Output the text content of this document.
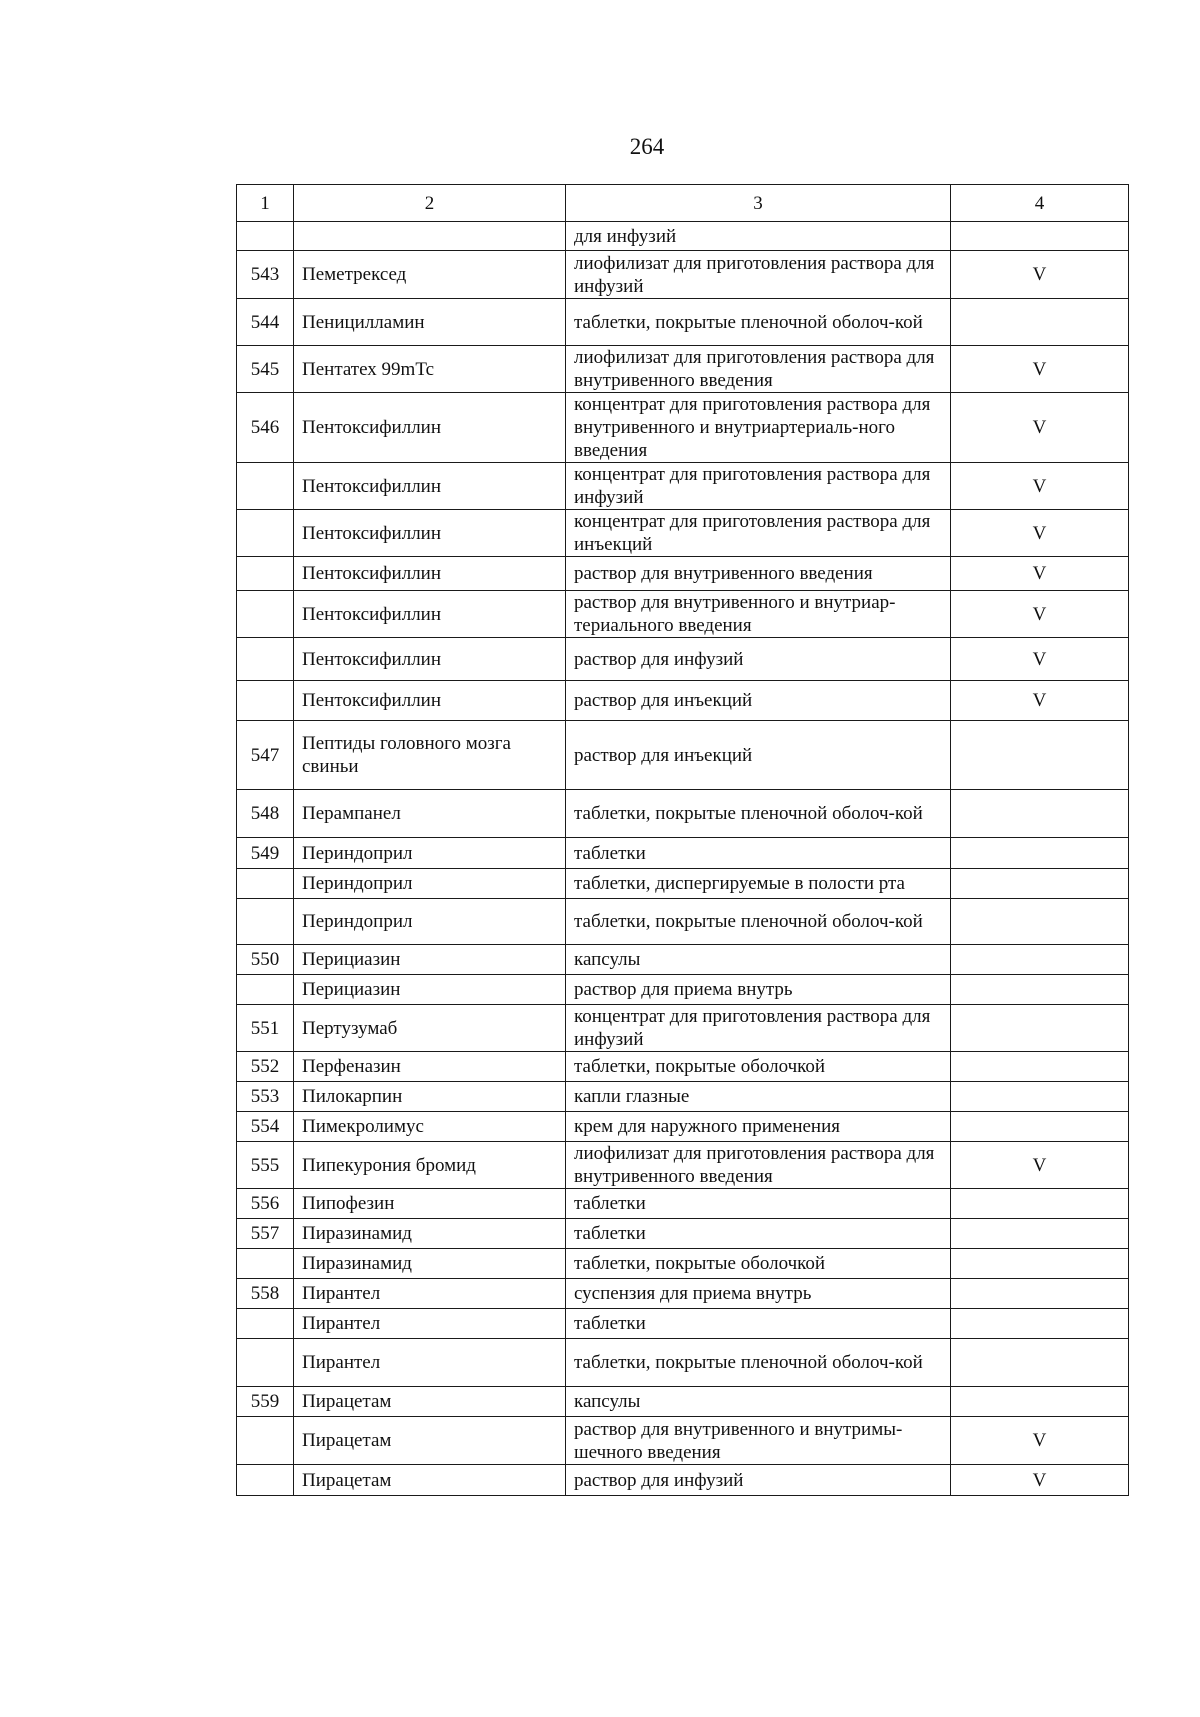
264
1	2	3	4
		для инфузий	
543	Пеметрексед	лиофилизат для приготовления раствора для инфузий	V
544	Пеницилламин	таблетки, покрытые пленочной оболоч-кой	
545	Пентатех 99mTc	лиофилизат для приготовления раствора для внутривенного введения	V
546	Пентоксифиллин	концентрат для приготовления раствора для внутривенного и внутриартериаль-ного введения	V
	Пентоксифиллин	концентрат для приготовления раствора для инфузий	V
	Пентоксифиллин	концентрат для приготовления раствора для инъекций	V
	Пентоксифиллин	раствор для внутривенного введения	V
	Пентоксифиллин	раствор для внутривенного и внутриар-териального введения	V
	Пентоксифиллин	раствор для инфузий	V
	Пентоксифиллин	раствор для инъекций	V
547	Пептиды головного мозга свиньи	раствор для инъекций	
548	Перампанел	таблетки, покрытые пленочной оболоч-кой	
549	Периндоприл	таблетки	
	Периндоприл	таблетки, диспергируемые в полости рта	
	Периндоприл	таблетки, покрытые пленочной оболоч-кой	
550	Перициазин	капсулы	
	Перициазин	раствор для приема внутрь	
551	Пертузумаб	концентрат для приготовления раствора для инфузий	
552	Перфеназин	таблетки, покрытые оболочкой	
553	Пилокарпин	капли глазные	
554	Пимекролимус	крем для наружного применения	
555	Пипекурония бромид	лиофилизат для приготовления раствора для внутривенного введения	V
556	Пипофезин	таблетки	
557	Пиразинамид	таблетки	
	Пиразинамид	таблетки, покрытые оболочкой	
558	Пирантел	суспензия для приема внутрь	
	Пирантел	таблетки	
	Пирантел	таблетки, покрытые пленочной оболоч-кой	
559	Пирацетам	капсулы	
	Пирацетам	раствор для внутривенного и внутримы-шечного введения	V
	Пирацетам	раствор для инфузий	V
